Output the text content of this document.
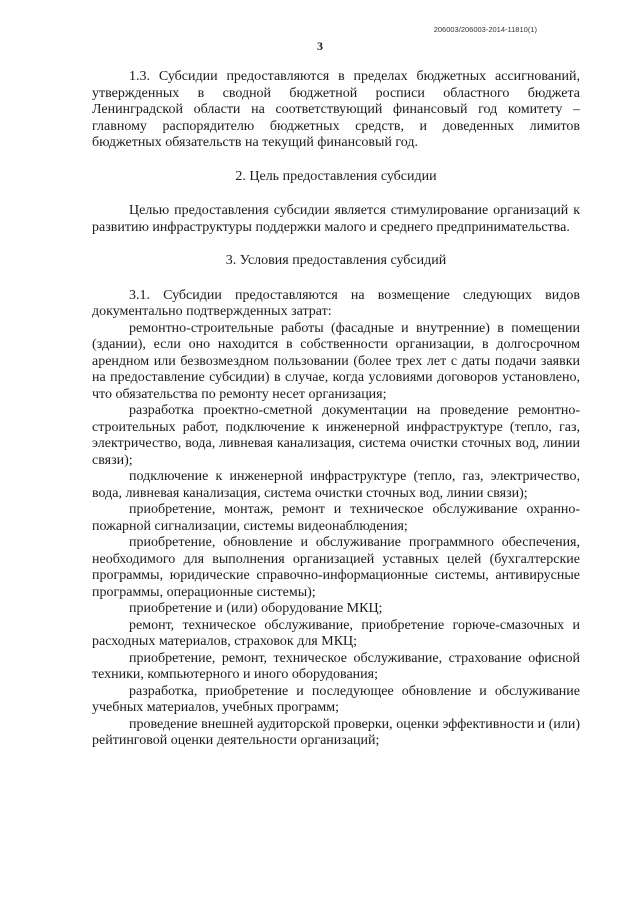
206003/206003-2014-11810(1)
3

1.3. Субсидии предоставляются в пределах бюджетных ассигнований, утвержденных в сводной бюджетной росписи областного бюджета Ленинградской области на соответствующий финансовый год комитету – главному распорядителю бюджетных средств, и доведенных лимитов бюджетных обязательств на текущий финансовый год.

2. Цель предоставления субсидии

Целью предоставления субсидии является стимулирование организаций к развитию инфраструктуры поддержки малого и среднего предпринимательства.

3. Условия предоставления субсидий

3.1. Субсидии предоставляются на возмещение следующих видов документально подтвержденных затрат:

ремонтно-строительные работы (фасадные и внутренние) в помещении (здании), если оно находится в собственности организации, в долгосрочном арендном или безвозмездном пользовании (более трех лет с даты подачи заявки на предоставление субсидии) в случае, когда условиями договоров установлено, что обязательства по ремонту несет организация;

разработка проектно-сметной документации на проведение ремонтно-строительных работ, подключение к инженерной инфраструктуре (тепло, газ, электричество, вода, ливневая канализация, система очистки сточных вод, линии связи);

подключение к инженерной инфраструктуре (тепло, газ, электричество, вода, ливневая канализация, система очистки сточных вод, линии связи);

приобретение, монтаж, ремонт и техническое обслуживание охранно-пожарной сигнализации, системы видеонаблюдения;

приобретение, обновление и обслуживание программного обеспечения, необходимого для выполнения организацией уставных целей (бухгалтерские программы, юридические справочно-информационные системы, антивирусные программы, операционные системы);

приобретение и (или) оборудование МКЦ;

ремонт, техническое обслуживание, приобретение горюче-смазочных и расходных материалов, страховок для МКЦ;

приобретение, ремонт, техническое обслуживание, страхование офисной техники, компьютерного и иного оборудования;

разработка, приобретение и последующее обновление и обслуживание учебных материалов, учебных программ;

проведение внешней аудиторской проверки, оценки эффективности и (или) рейтинговой оценки деятельности организаций;
